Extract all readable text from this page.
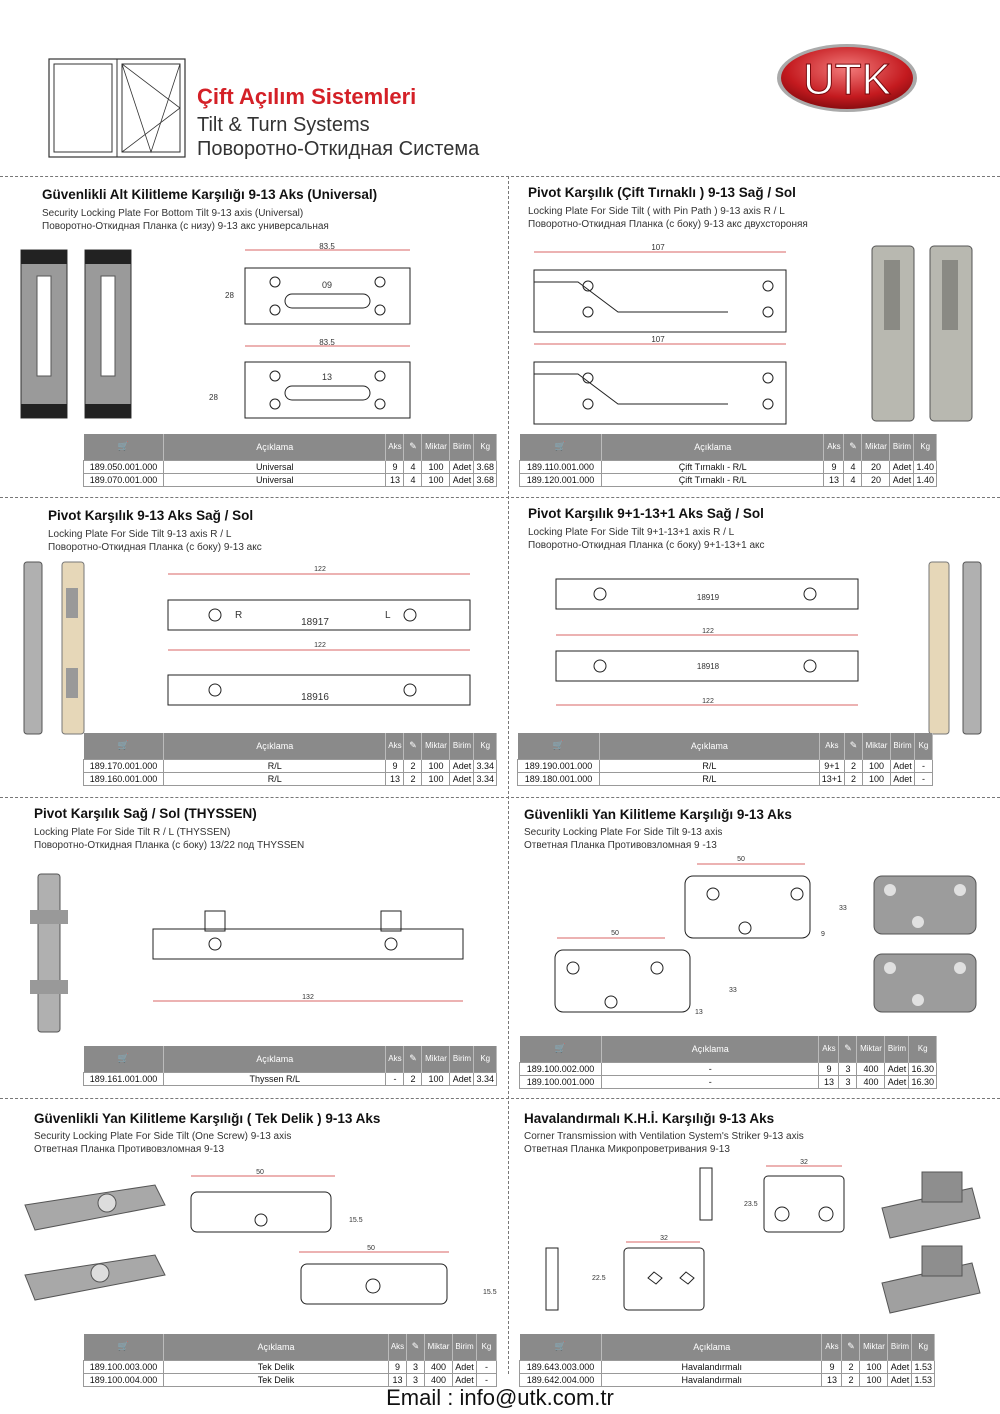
Çift Açılım Sistemleri
Tilt & Turn Systems
Поворотно-Откидная Система
UTK
Güvenlikli Alt Kilitleme Karşılığı 9-13 Aks (Universal)
Security Locking Plate For Bottom Tilt 9-13 axis (Universal)
Поворотно-Откидная Планка (с низу) 9-13 акс универсальная
83.5
09
28
83.5
13
28
🛒	Açıklama	Aks	✎	Miktar	Birim	Kg
189.050.001.000	Universal	9	4	100	Adet	3.68
189.070.001.000	Universal	13	4	100	Adet	3.68
Pivot Karşılık (Çift Tırnaklı ) 9-13 Sağ / Sol
Locking Plate For Side Tilt ( with Pin Path ) 9-13 axis R / L
Поворотно-Откидная Планка (с боку) 9-13 акс двухстороняя
107
107
🛒	Açıklama	Aks	✎	Miktar	Birim	Kg
189.110.001.000	Çift Tırnaklı - R/L	9	4	20	Adet	1.40
189.120.001.000	Çift Tırnaklı - R/L	13	4	20	Adet	1.40
Pivot Karşılık 9-13 Aks Sağ / Sol
Locking Plate For Side Tilt 9-13 axis R / L
Поворотно-Откидная Планка (с боку) 9-13 акс
122
R	L
18917
122
18916
🛒	Açıklama	Aks	✎	Miktar	Birim	Kg
189.170.001.000	R/L	9	2	100	Adet	3.34
189.160.001.000	R/L	13	2	100	Adet	3.34
Pivot Karşılık 9+1-13+1 Aks Sağ / Sol
Locking Plate For Side Tilt 9+1-13+1 axis R / L
Поворотно-Откидная Планка (с боку) 9+1-13+1 акс
18919
122
18918
122
🛒	Açıklama	Aks	✎	Miktar	Birim	Kg
189.190.001.000	R/L	9+1	2	100	Adet	-
189.180.001.000	R/L	13+1	2	100	Adet	-
Pivot Karşılık Sağ / Sol (THYSSEN)
Locking Plate For Side Tilt R / L (THYSSEN)
Поворотно-Откидная Планка (с боку) 13/22 под THYSSEN
132
🛒	Açıklama	Aks	✎	Miktar	Birim	Kg
189.161.001.000	Thyssen R/L	-	2	100	Adet	3.34
Güvenlikli Yan Kilitleme Karşılığı 9-13 Aks
Security Locking Plate For Side Tilt 9-13 axis
Ответная Планка Противовзломная 9 -13
50
33
9
50
33
13
🛒	Açıklama	Aks	✎	Miktar	Birim	Kg
189.100.002.000	-	9	3	400	Adet	16.30
189.100.001.000	-	13	3	400	Adet	16.30
Güvenlikli Yan Kilitleme Karşılığı ( Tek Delik ) 9-13 Aks
Security Locking Plate For Side Tilt (One Screw) 9-13 axis
Ответная Планка Противовзломная 9-13
50
15.5
50
15.5
🛒	Açıklama	Aks	✎	Miktar	Birim	Kg
189.100.003.000	Tek Delik	9	3	400	Adet	-
189.100.004.000	Tek Delik	13	3	400	Adet	-
Havalandırmalı K.H.İ. Karşılığı 9-13 Aks
Corner Transmission with Ventilation System's Striker 9-13 axis
Ответная Планка Микропроветривания 9-13
23.5
32
32
22.5
🛒	Açıklama	Aks	✎	Miktar	Birim	Kg
189.643.003.000	Havalandırmalı	9	2	100	Adet	1.53
189.642.004.000	Havalandırmalı	13	2	100	Adet	1.53
Email : info@utk.com.tr
